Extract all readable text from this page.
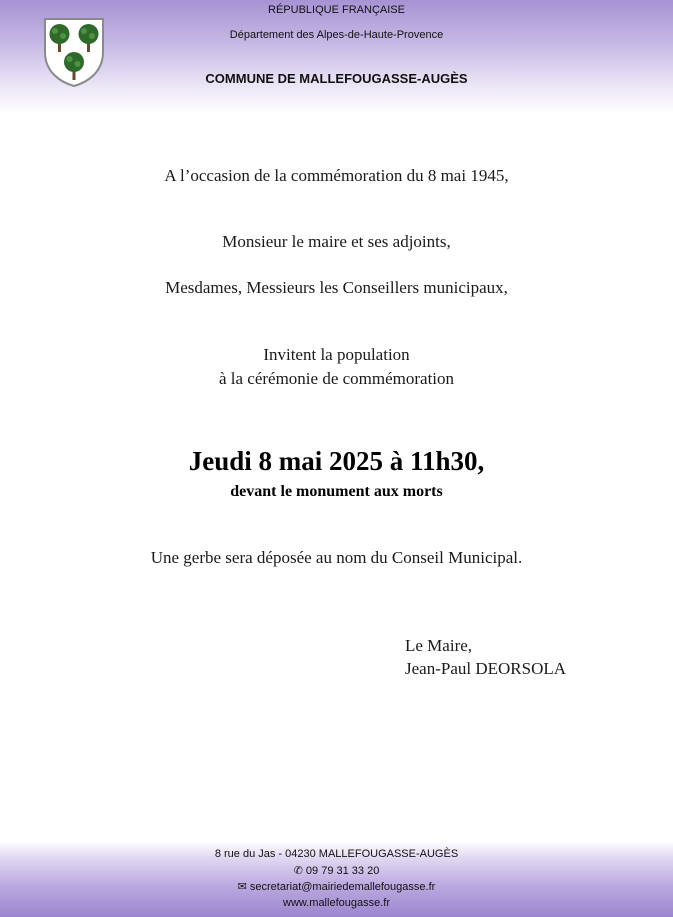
RÉPUBLIQUE FRANÇAISE
Département des Alpes-de-Haute-Provence
COMMUNE DE MALLEFOUGASSE-AUGÈS
A l’occasion de la commémoration du 8 mai 1945,
Monsieur le maire et ses adjoints,
Mesdames, Messieurs les Conseillers municipaux,
Invitent la population
à la cérémonie de commémoration
Jeudi 8 mai 2025 à 11h30,
devant le monument aux morts
Une gerbe sera déposée au nom du Conseil Municipal.
Le Maire,
Jean-Paul DEORSOLA
8 rue du Jas - 04230 MALLEFOUGASSE-AUGÈS
✆ 09 79 31 33 20
✉ secretariat@mairiedemallefougasse.fr
www.mallefougasse.fr
